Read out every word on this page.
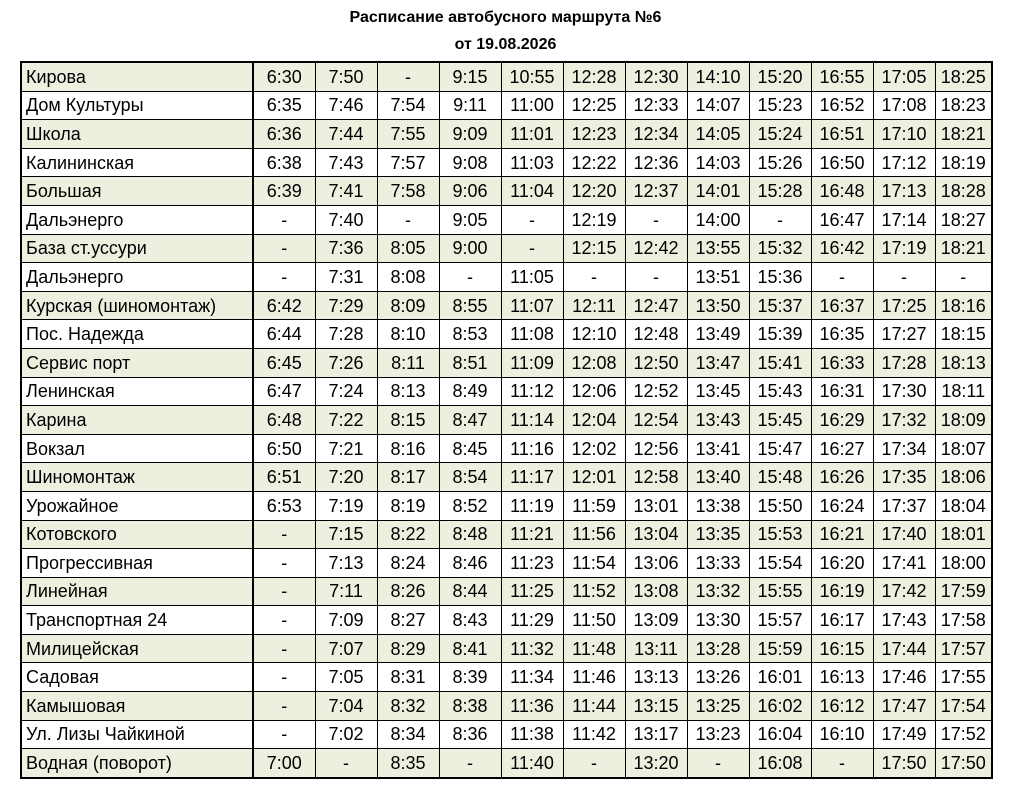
Расписание автобусного маршрута №6

от 19.08.2026

Кирова	6:30	7:50	-	9:15	10:55	12:28	12:30	14:10	15:20	16:55	17:05	18:25
Дом Культуры	6:35	7:46	7:54	9:11	11:00	12:25	12:33	14:07	15:23	16:52	17:08	18:23
Школа	6:36	7:44	7:55	9:09	11:01	12:23	12:34	14:05	15:24	16:51	17:10	18:21
Калининская	6:38	7:43	7:57	9:08	11:03	12:22	12:36	14:03	15:26	16:50	17:12	18:19
Большая	6:39	7:41	7:58	9:06	11:04	12:20	12:37	14:01	15:28	16:48	17:13	18:28
Дальэнерго	-	7:40	-	9:05	-	12:19	-	14:00	-	16:47	17:14	18:27
База ст.уссури	-	7:36	8:05	9:00	-	12:15	12:42	13:55	15:32	16:42	17:19	18:21
Дальэнерго	-	7:31	8:08	-	11:05	-	-	13:51	15:36	-	-	-
Курская (шиномонтаж)	6:42	7:29	8:09	8:55	11:07	12:11	12:47	13:50	15:37	16:37	17:25	18:16
Пос. Надежда	6:44	7:28	8:10	8:53	11:08	12:10	12:48	13:49	15:39	16:35	17:27	18:15
Сервис порт	6:45	7:26	8:11	8:51	11:09	12:08	12:50	13:47	15:41	16:33	17:28	18:13
Ленинская	6:47	7:24	8:13	8:49	11:12	12:06	12:52	13:45	15:43	16:31	17:30	18:11
Карина	6:48	7:22	8:15	8:47	11:14	12:04	12:54	13:43	15:45	16:29	17:32	18:09
Вокзал	6:50	7:21	8:16	8:45	11:16	12:02	12:56	13:41	15:47	16:27	17:34	18:07
Шиномонтаж	6:51	7:20	8:17	8:54	11:17	12:01	12:58	13:40	15:48	16:26	17:35	18:06
Урожайное	6:53	7:19	8:19	8:52	11:19	11:59	13:01	13:38	15:50	16:24	17:37	18:04
Котовского	-	7:15	8:22	8:48	11:21	11:56	13:04	13:35	15:53	16:21	17:40	18:01
Прогрессивная	-	7:13	8:24	8:46	11:23	11:54	13:06	13:33	15:54	16:20	17:41	18:00
Линейная	-	7:11	8:26	8:44	11:25	11:52	13:08	13:32	15:55	16:19	17:42	17:59
Транспортная 24	-	7:09	8:27	8:43	11:29	11:50	13:09	13:30	15:57	16:17	17:43	17:58
Милицейская	-	7:07	8:29	8:41	11:32	11:48	13:11	13:28	15:59	16:15	17:44	17:57
Садовая	-	7:05	8:31	8:39	11:34	11:46	13:13	13:26	16:01	16:13	17:46	17:55
Камышовая	-	7:04	8:32	8:38	11:36	11:44	13:15	13:25	16:02	16:12	17:47	17:54
Ул. Лизы Чайкиной	-	7:02	8:34	8:36	11:38	11:42	13:17	13:23	16:04	16:10	17:49	17:52
Водная (поворот)	7:00	-	8:35	-	11:40	-	13:20	-	16:08	-	17:50	17:50
